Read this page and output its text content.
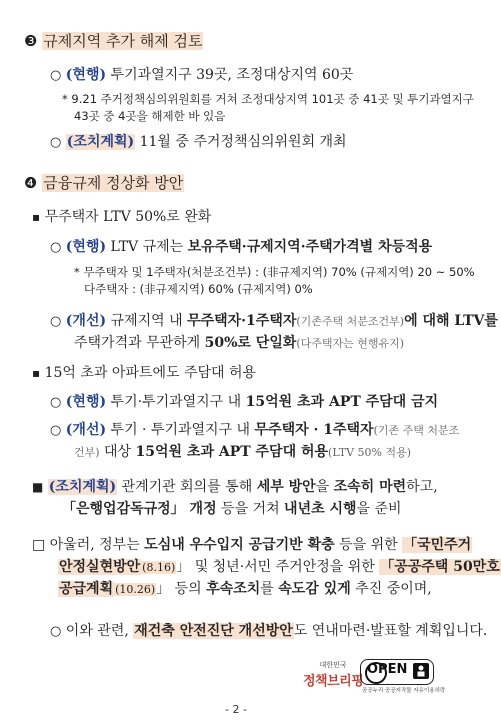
❸ 규제지역 추가 해제 검토
○ (현행) 투기과열지구 39곳, 조정대상지역 60곳
* 9.21 주거정책심의위원회를 거쳐 조정대상지역 101곳 중 41곳 및 투기과열지구
43곳 중 4곳을 해제한 바 있음
○ (조치계획) 11월 중 주거정책심의위원회 개최
❹ 금융규제 정상화 방안
▪ 무주택자 LTV 50%로 완화
○ (현행) LTV 규제는 보유주택·규제지역·주택가격별 차등적용
* 무주택자 및 1주택자(처분조건부) : (非규제지역) 70% (규제지역) 20 ~ 50%
다주택자 : (非규제지역) 60% (규제지역) 0%
○ (개선) 규제지역 내 무주택자·1주택자(기존주택 처분조건부)에 대해 LTV를
주택가격과 무관하게 50%로 단일화(다주택자는 현행유지)
▪ 15억 초과 아파트에도 주담대 허용
○ (현행) 투기·투기과열지구 내 15억원 초과 APT 주담대 금지
○ (개선) 투기 · 투기과열지구 내 무주택자 · 1주택자(기존 주택 처분조
건부) 대상 15억원 초과 APT 주담대 허용(LTV 50% 적용)
■ (조치계획) 관계기관 회의를 통해 세부 방안을 조속히 마련하고,
「은행업감독규정」 개정 등을 거쳐 내년초 시행을 준비
□ 아울러, 정부는 도심내 우수입지 공급기반 확충 등을 위한 「국민주거
안정실현방안 (8.16)」 및 청년·서민 주거안정을 위한 「공공주택 50만호
공급계획 (10.26)」 등의 후속조치를 속도감 있게 추진 중이며,
○ 이와 관련, 재건축 안전진단 개선방안도 연내마련·발표할 계획입니다.
대한민국
정책브리핑
OPEN
공공누리 공공저작물 자유이용허락
- 2 -
